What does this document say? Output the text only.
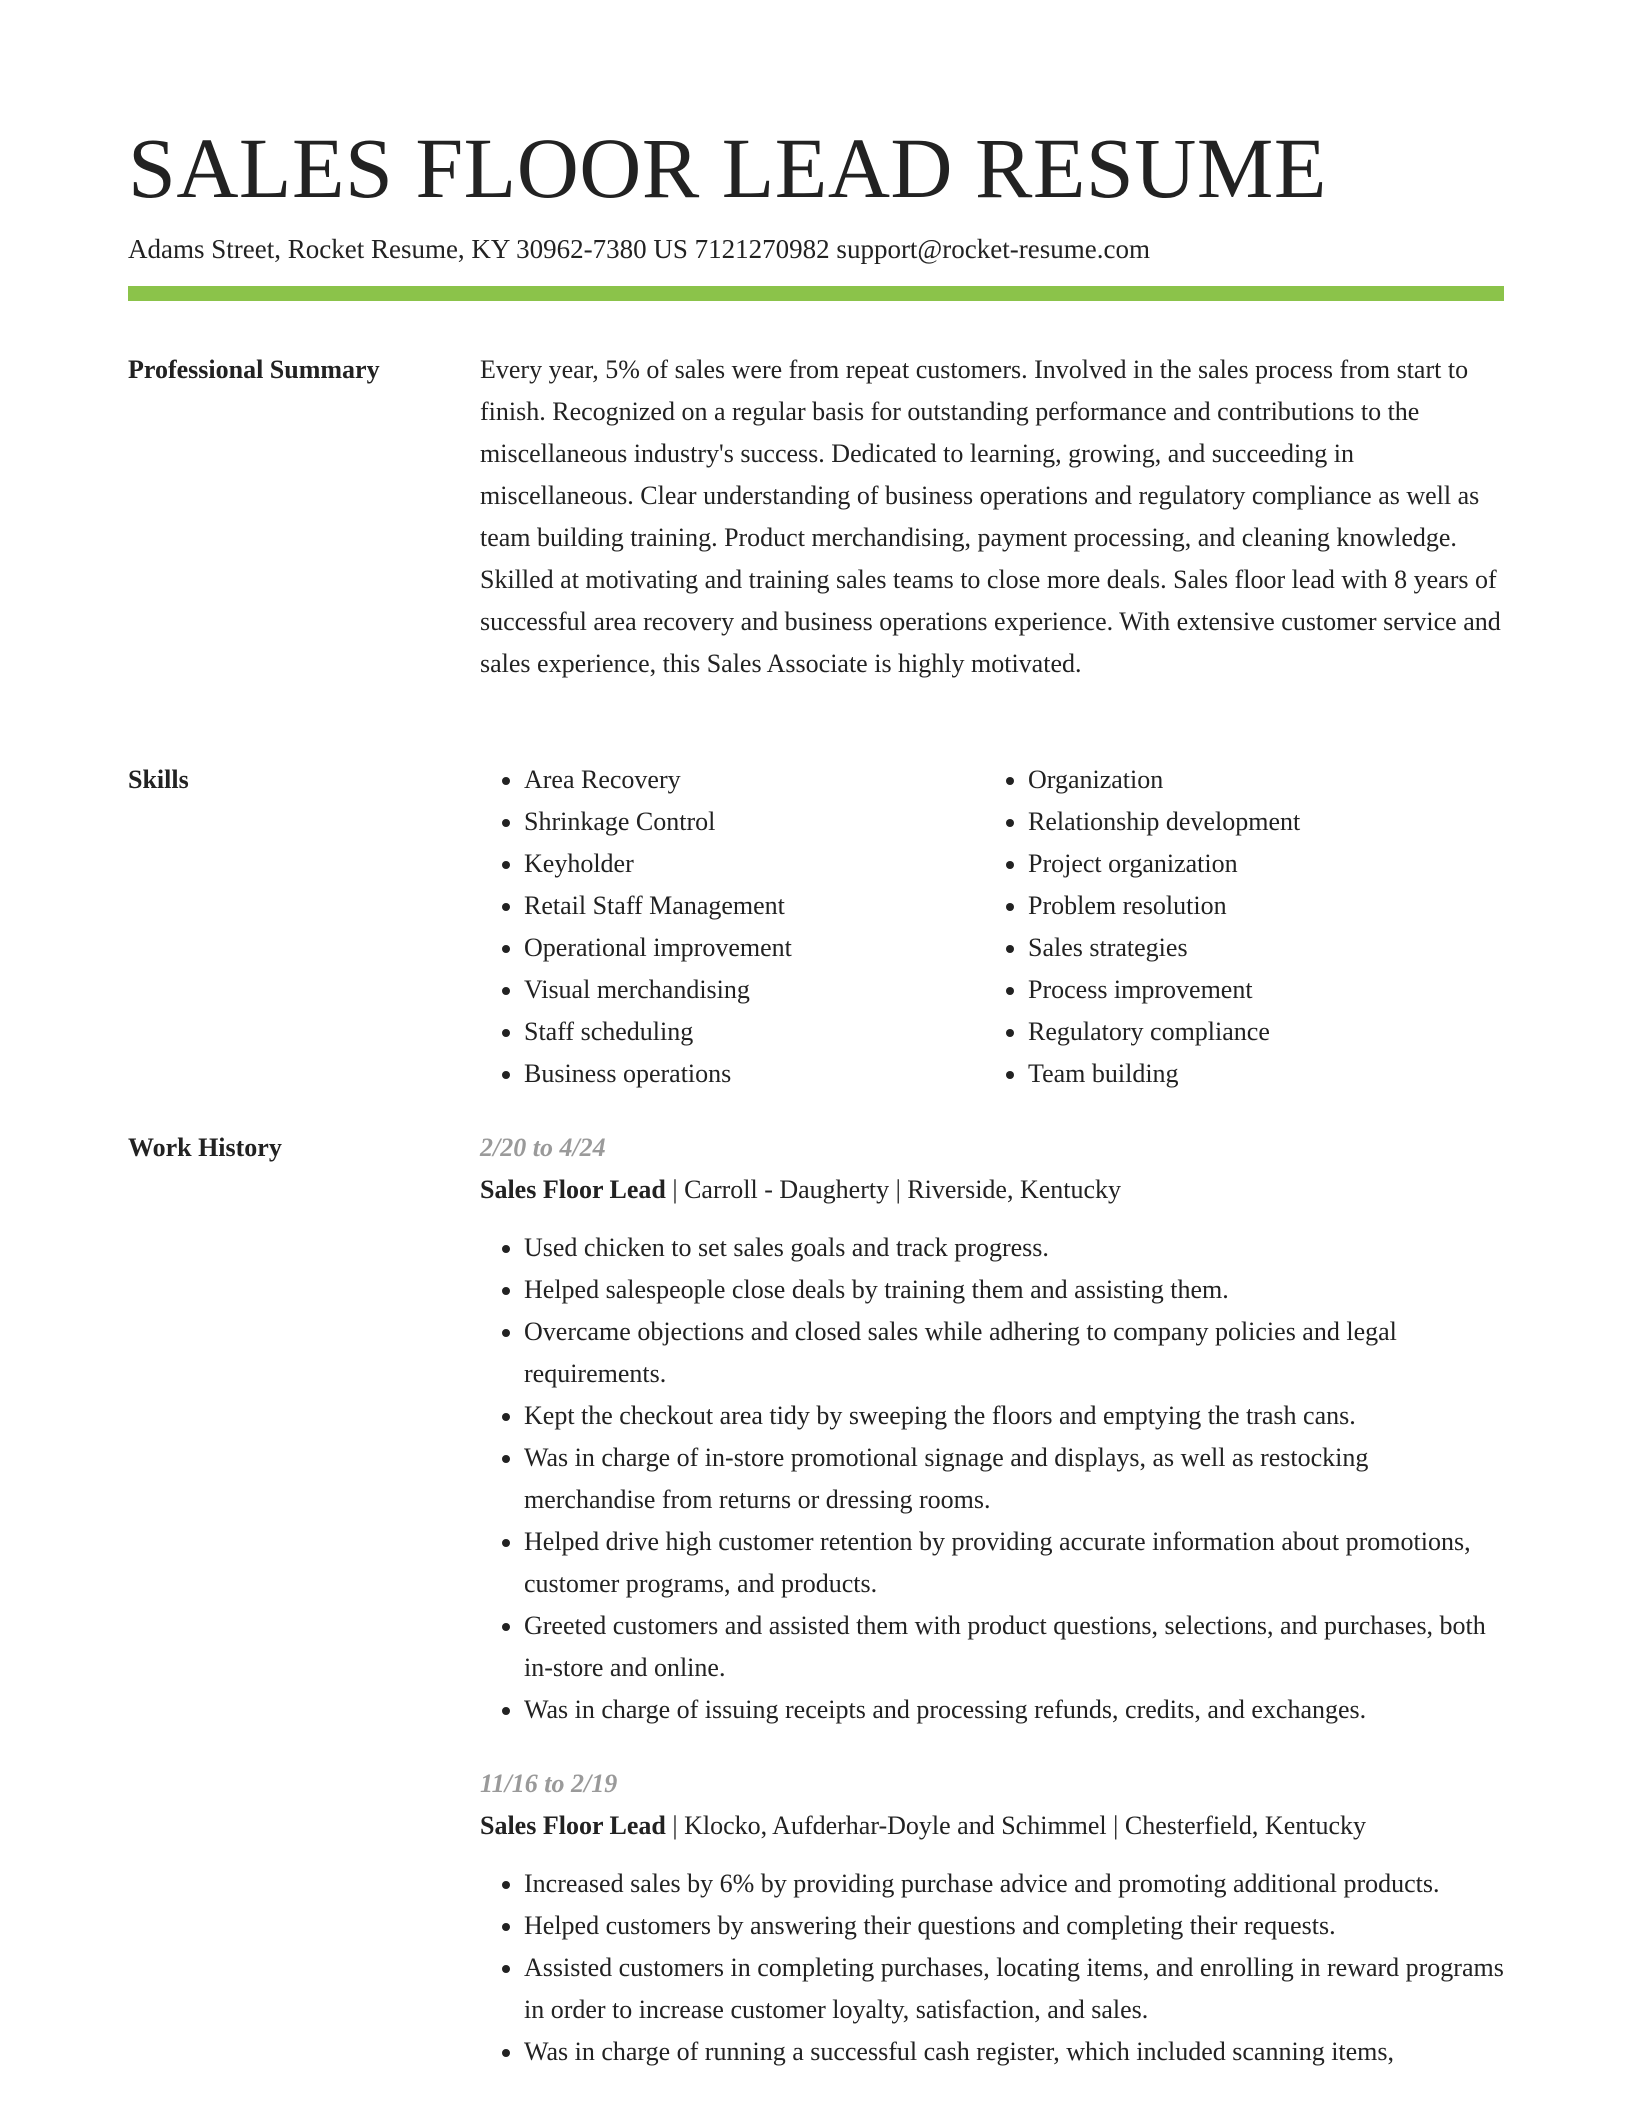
SALES FLOOR LEAD RESUME
Adams Street, Rocket Resume, KY 30962-7380 US 7121270982 support@rocket-resume.com
Professional Summary	Every year, 5% of sales were from repeat customers. Involved in the sales process from start to finish. Recognized on a regular basis for outstanding performance and contributions to the miscellaneous industry's success. Dedicated to learning, growing, and succeeding in miscellaneous. Clear understanding of business operations and regulatory compliance as well as team building training. Product merchandising, payment processing, and cleaning knowledge. Skilled at motivating and training sales teams to close more deals. Sales floor lead with 8 years of successful area recovery and business operations experience. With extensive customer service and sales experience, this Sales Associate is highly motivated.

Skills
•	Area Recovery
• Shrinkage Control
• Keyholder
• Retail Staff Management
• Operational improvement
• Visual merchandising
• Staff scheduling
• Business operations
• Organization
• Relationship development
• Project organization
• Problem resolution
• Sales strategies
• Process improvement
• Regulatory compliance
• Team building
Work History	2/20 to 4/24
Sales Floor Lead | Carroll - Daugherty | Riverside, Kentucky
• Used chicken to set sales goals and track progress.
• Helped salespeople close deals by training them and assisting them.
• Overcame objections and closed sales while adhering to company policies and legal requirements.
• Kept the checkout area tidy by sweeping the floors and emptying the trash cans.
• Was in charge of in-store promotional signage and displays, as well as restocking merchandise from returns or dressing rooms.
• Helped drive high customer retention by providing accurate information about promotions, customer programs, and products.
• Greeted customers and assisted them with product questions, selections, and purchases, both in-store and online.
• Was in charge of issuing receipts and processing refunds, credits, and exchanges.
11/16 to 2/19
Sales Floor Lead | Klocko, Aufderhar-Doyle and Schimmel | Chesterfield, Kentucky
• Increased sales by 6% by providing purchase advice and promoting additional products.
• Helped customers by answering their questions and completing their requests.
• Assisted customers in completing purchases, locating items, and enrolling in reward programs in order to increase customer loyalty, satisfaction, and sales.
• Was in charge of running a successful cash register, which included scanning items,
